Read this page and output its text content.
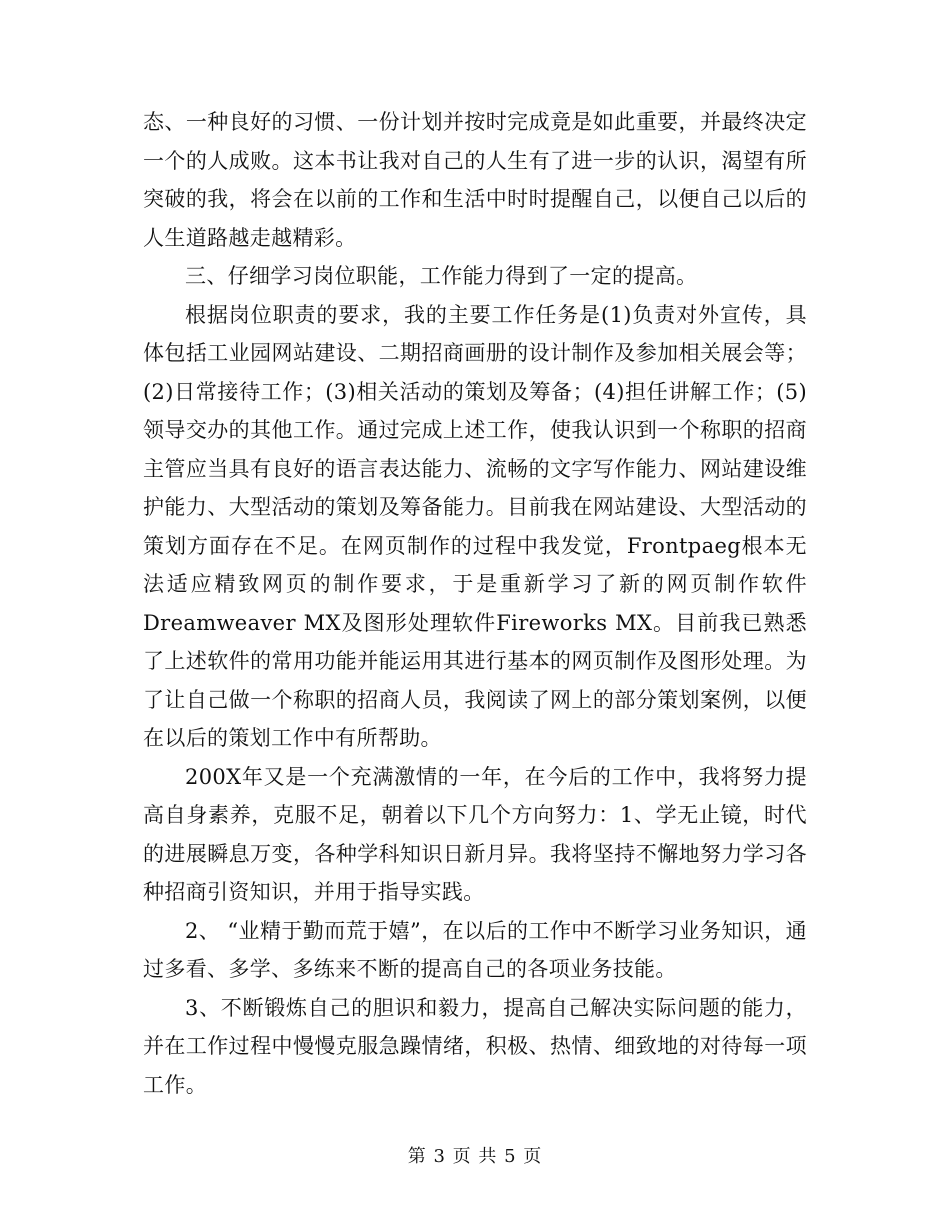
态、一种良好的习惯、一份计划并按时完成竟是如此重要，并最终决定一个的人成败。这本书让我对自己的人生有了进一步的认识，渴望有所突破的我，将会在以前的工作和生活中时时提醒自己，以便自己以后的人生道路越走越精彩。

三、仔细学习岗位职能，工作能力得到了一定的提高。

根据岗位职责的要求，我的主要工作任务是(1)负责对外宣传，具体包括工业园网站建设、二期招商画册的设计制作及参加相关展会等；(2)日常接待工作；(3)相关活动的策划及筹备；(4)担任讲解工作；(5)领导交办的其他工作。通过完成上述工作，使我认识到一个称职的招商主管应当具有良好的语言表达能力、流畅的文字写作能力、网站建设维护能力、大型活动的策划及筹备能力。目前我在网站建设、大型活动的策划方面存在不足。在网页制作的过程中我发觉，Frontpaeg根本无法适应精致网页的制作要求，于是重新学习了新的网页制作软件Dreamweaver MX及图形处理软件Fireworks MX。目前我已熟悉了上述软件的常用功能并能运用其进行基本的网页制作及图形处理。为了让自己做一个称职的招商人员，我阅读了网上的部分策划案例，以便在以后的策划工作中有所帮助。

200X年又是一个充满激情的一年，在今后的工作中，我将努力提高自身素养，克服不足，朝着以下几个方向努力：1、学无止镜，时代的进展瞬息万变，各种学科知识日新月异。我将坚持不懈地努力学习各种招商引资知识，并用于指导实践。

2、 “业精于勤而荒于嬉”，在以后的工作中不断学习业务知识，通过多看、多学、多练来不断的提高自己的各项业务技能。

3、不断锻炼自己的胆识和毅力，提高自己解决实际问题的能力，并在工作过程中慢慢克服急躁情绪，积极、热情、细致地的对待每一项工作。

第 3 页 共 5 页
